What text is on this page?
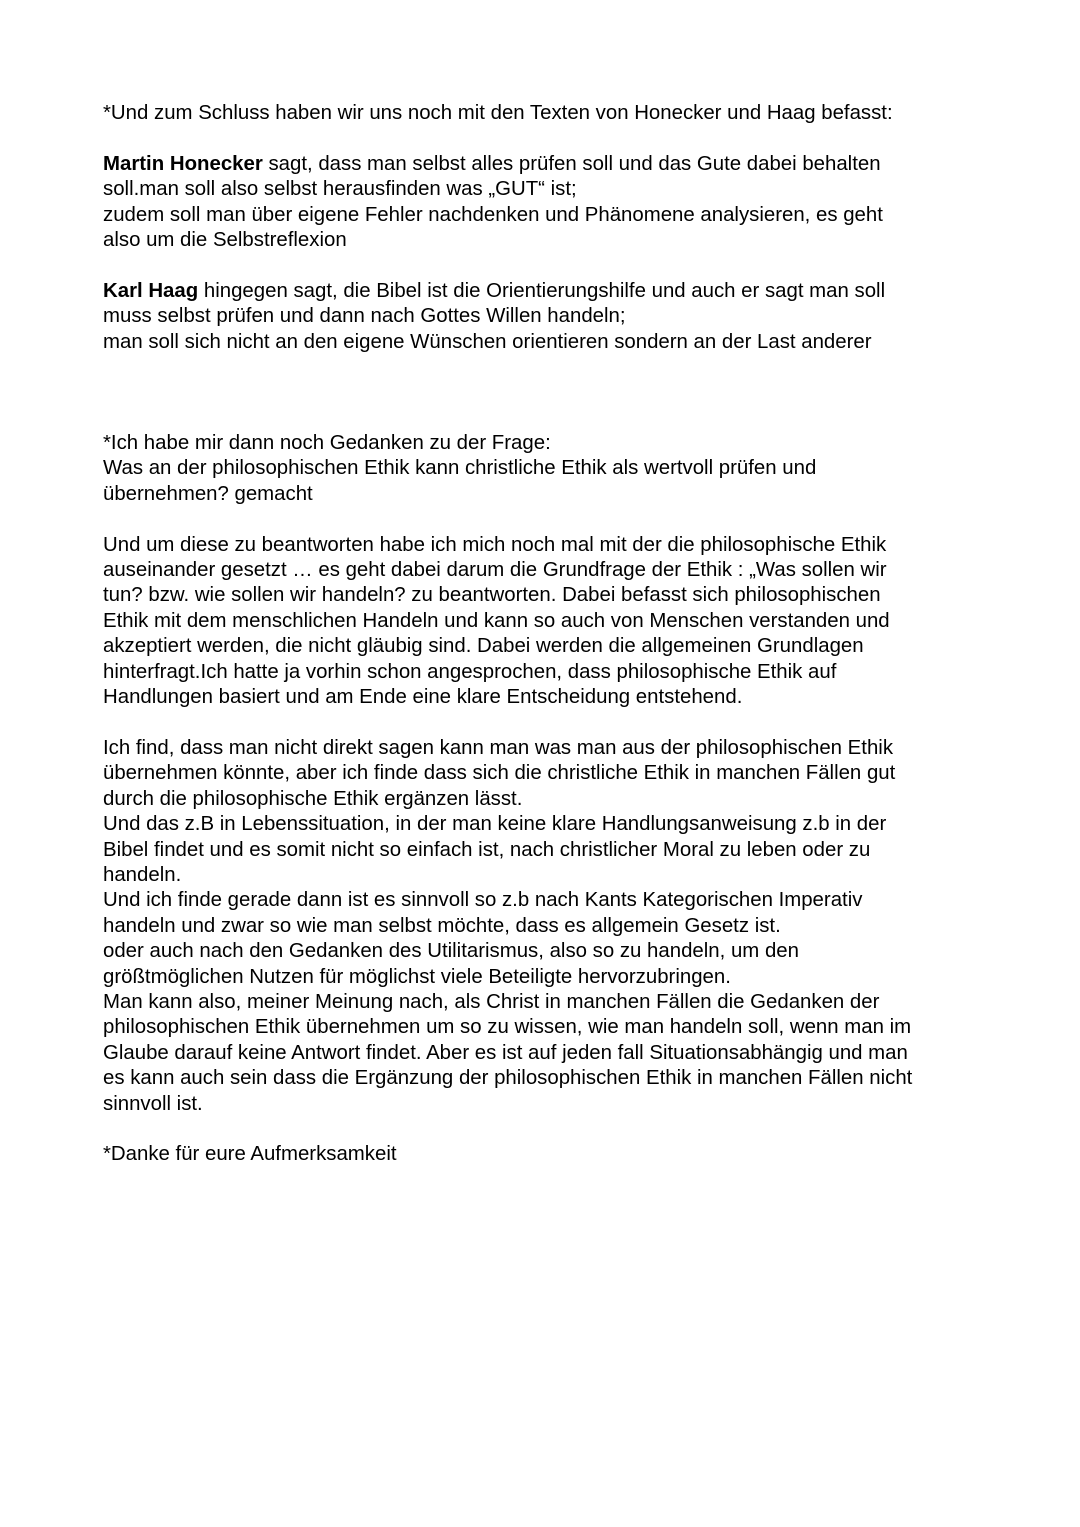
*Und zum Schluss haben wir uns noch mit den Texten von Honecker und Haag befasst:

Martin Honecker sagt, dass man selbst alles prüfen soll und das Gute dabei behalten
soll.man soll also selbst herausfinden was „GUT“ ist;
zudem soll man über eigene Fehler nachdenken und Phänomene analysieren, es geht
also um die Selbstreflexion

Karl Haag hingegen sagt, die Bibel ist die Orientierungshilfe und auch er sagt man soll
muss selbst prüfen und dann nach Gottes Willen handeln;
man soll sich nicht an den eigene Wünschen orientieren sondern an der Last anderer

*Ich habe mir dann noch Gedanken zu der Frage:
Was an der philosophischen Ethik kann christliche Ethik als wertvoll prüfen und
übernehmen? gemacht

Und um diese zu beantworten habe ich mich noch mal mit der die philosophische Ethik
auseinander gesetzt … es geht dabei darum die Grundfrage der Ethik : „Was sollen wir
tun? bzw. wie sollen wir handeln? zu beantworten. Dabei befasst sich philosophischen
Ethik mit dem menschlichen Handeln und kann so auch von Menschen verstanden und
akzeptiert werden, die nicht gläubig sind. Dabei werden die allgemeinen Grundlagen
hinterfragt.Ich hatte ja vorhin schon angesprochen, dass philosophische Ethik auf
Handlungen basiert und am Ende eine klare Entscheidung entstehend.

Ich find, dass man nicht direkt sagen kann man was man aus der philosophischen Ethik
übernehmen könnte, aber ich finde dass sich die christliche Ethik in manchen Fällen gut
durch die philosophische Ethik ergänzen lässt.
Und das z.B in Lebenssituation, in der man keine klare Handlungsanweisung z.b in der
Bibel findet und es somit nicht so einfach ist, nach christlicher Moral zu leben oder zu
handeln.
Und ich finde gerade dann ist es sinnvoll so z.b nach Kants Kategorischen Imperativ
handeln und zwar so wie man selbst möchte, dass es allgemein Gesetz ist.
oder auch nach den Gedanken des Utilitarismus, also so zu handeln, um den
größtmöglichen Nutzen für möglichst viele Beteiligte hervorzubringen.
Man kann also, meiner Meinung nach, als Christ in manchen Fällen die Gedanken der
philosophischen Ethik übernehmen um so zu wissen, wie man handeln soll, wenn man im
Glaube darauf keine Antwort findet. Aber es ist auf jeden fall Situationsabhängig und man
es kann auch sein dass die Ergänzung der philosophischen Ethik in manchen Fällen nicht
sinnvoll ist.

*Danke für eure Aufmerksamkeit
